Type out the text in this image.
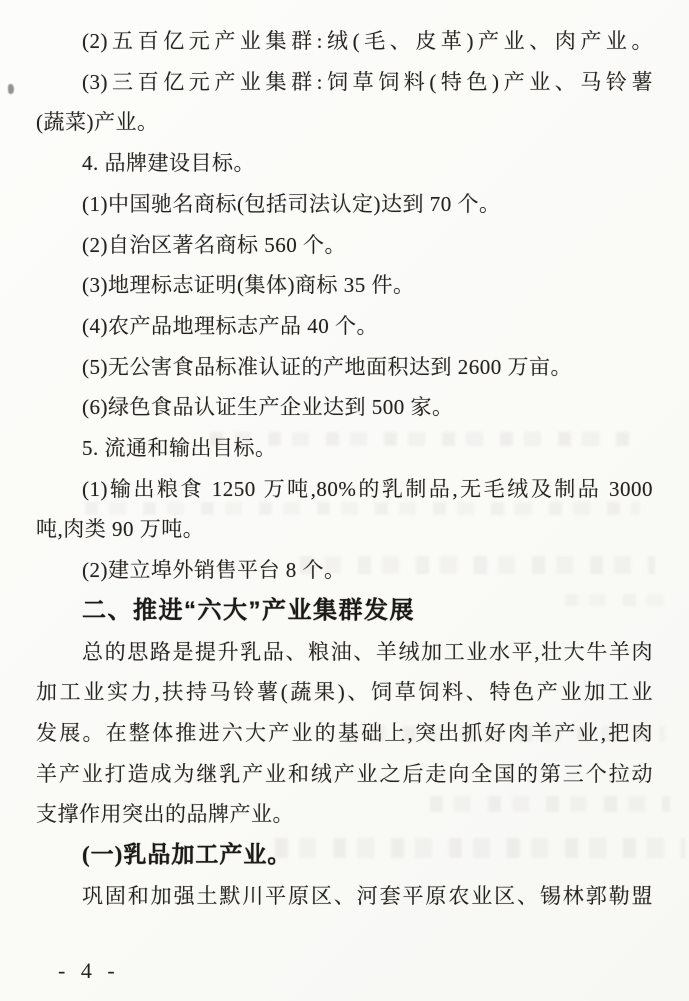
(2)五百亿元产业集群:绒(毛、皮革)产业、肉产业。
(3)三百亿元产业集群:饲草饲料(特色)产业、马铃薯
(蔬菜)产业。
4. 品牌建设目标。
(1)中国驰名商标(包括司法认定)达到 70 个。
(2)自治区著名商标 560 个。
(3)地理标志证明(集体)商标 35 件。
(4)农产品地理标志产品 40 个。
(5)无公害食品标准认证的产地面积达到 2600 万亩。
(6)绿色食品认证生产企业达到 500 家。
5. 流通和输出目标。
(1)输出粮食 1250 万吨,80%的乳制品,无毛绒及制品 3000
吨,肉类 90 万吨。
(2)建立埠外销售平台 8 个。
二、推进“六大”产业集群发展
总的思路是提升乳品、粮油、羊绒加工业水平,壮大牛羊肉
加工业实力,扶持马铃薯(蔬果)、饲草饲料、特色产业加工业
发展。在整体推进六大产业的基础上,突出抓好肉羊产业,把肉
羊产业打造成为继乳产业和绒产业之后走向全国的第三个拉动
支撑作用突出的品牌产业。
(一)乳品加工产业。
巩固和加强土默川平原区、河套平原农业区、锡林郭勒盟
- 4 -
